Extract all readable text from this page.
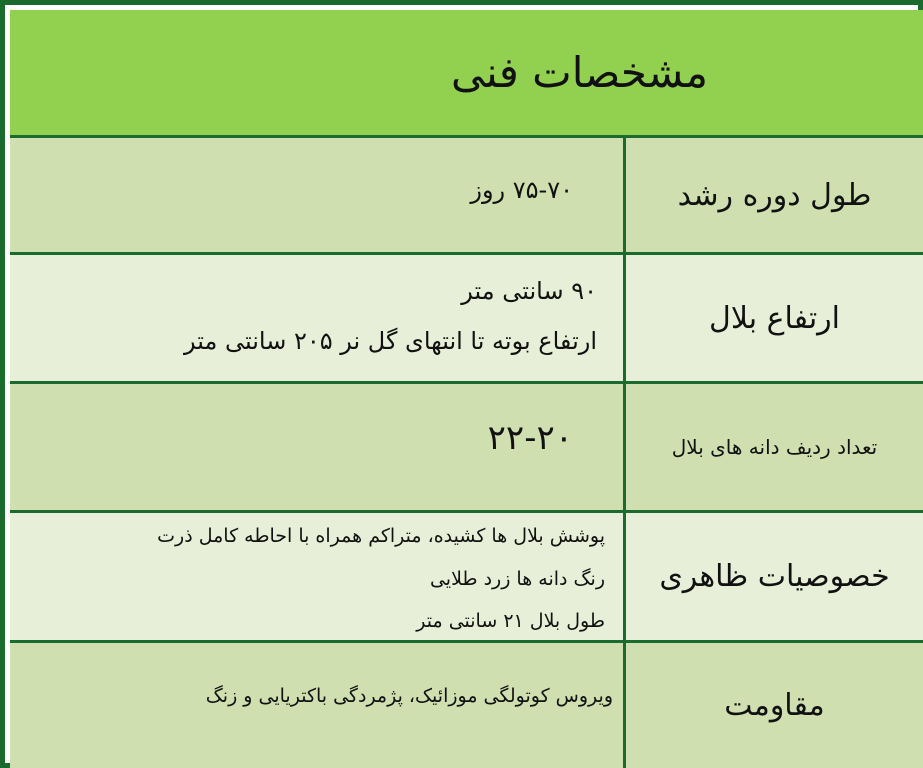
مشخصات فنی
طول دوره رشد
۷۵-۷۰ روز
ارتفاع بلال
۹۰ سانتی متر
ارتفاع بوته تا انتهای گل نر ۲۰۵ سانتی متر
تعداد ردیف دانه های بلال
۲۲-۲۰
خصوصیات ظاهری
پوشش بلال ها کشیده، متراکم همراه با احاطه کامل ذرت
رنگ دانه ها زرد طلایی
طول بلال ۲۱ سانتی متر
مقاومت
ویروس کوتولگی موزائیک، پژمردگی باکتریایی و زنگ
